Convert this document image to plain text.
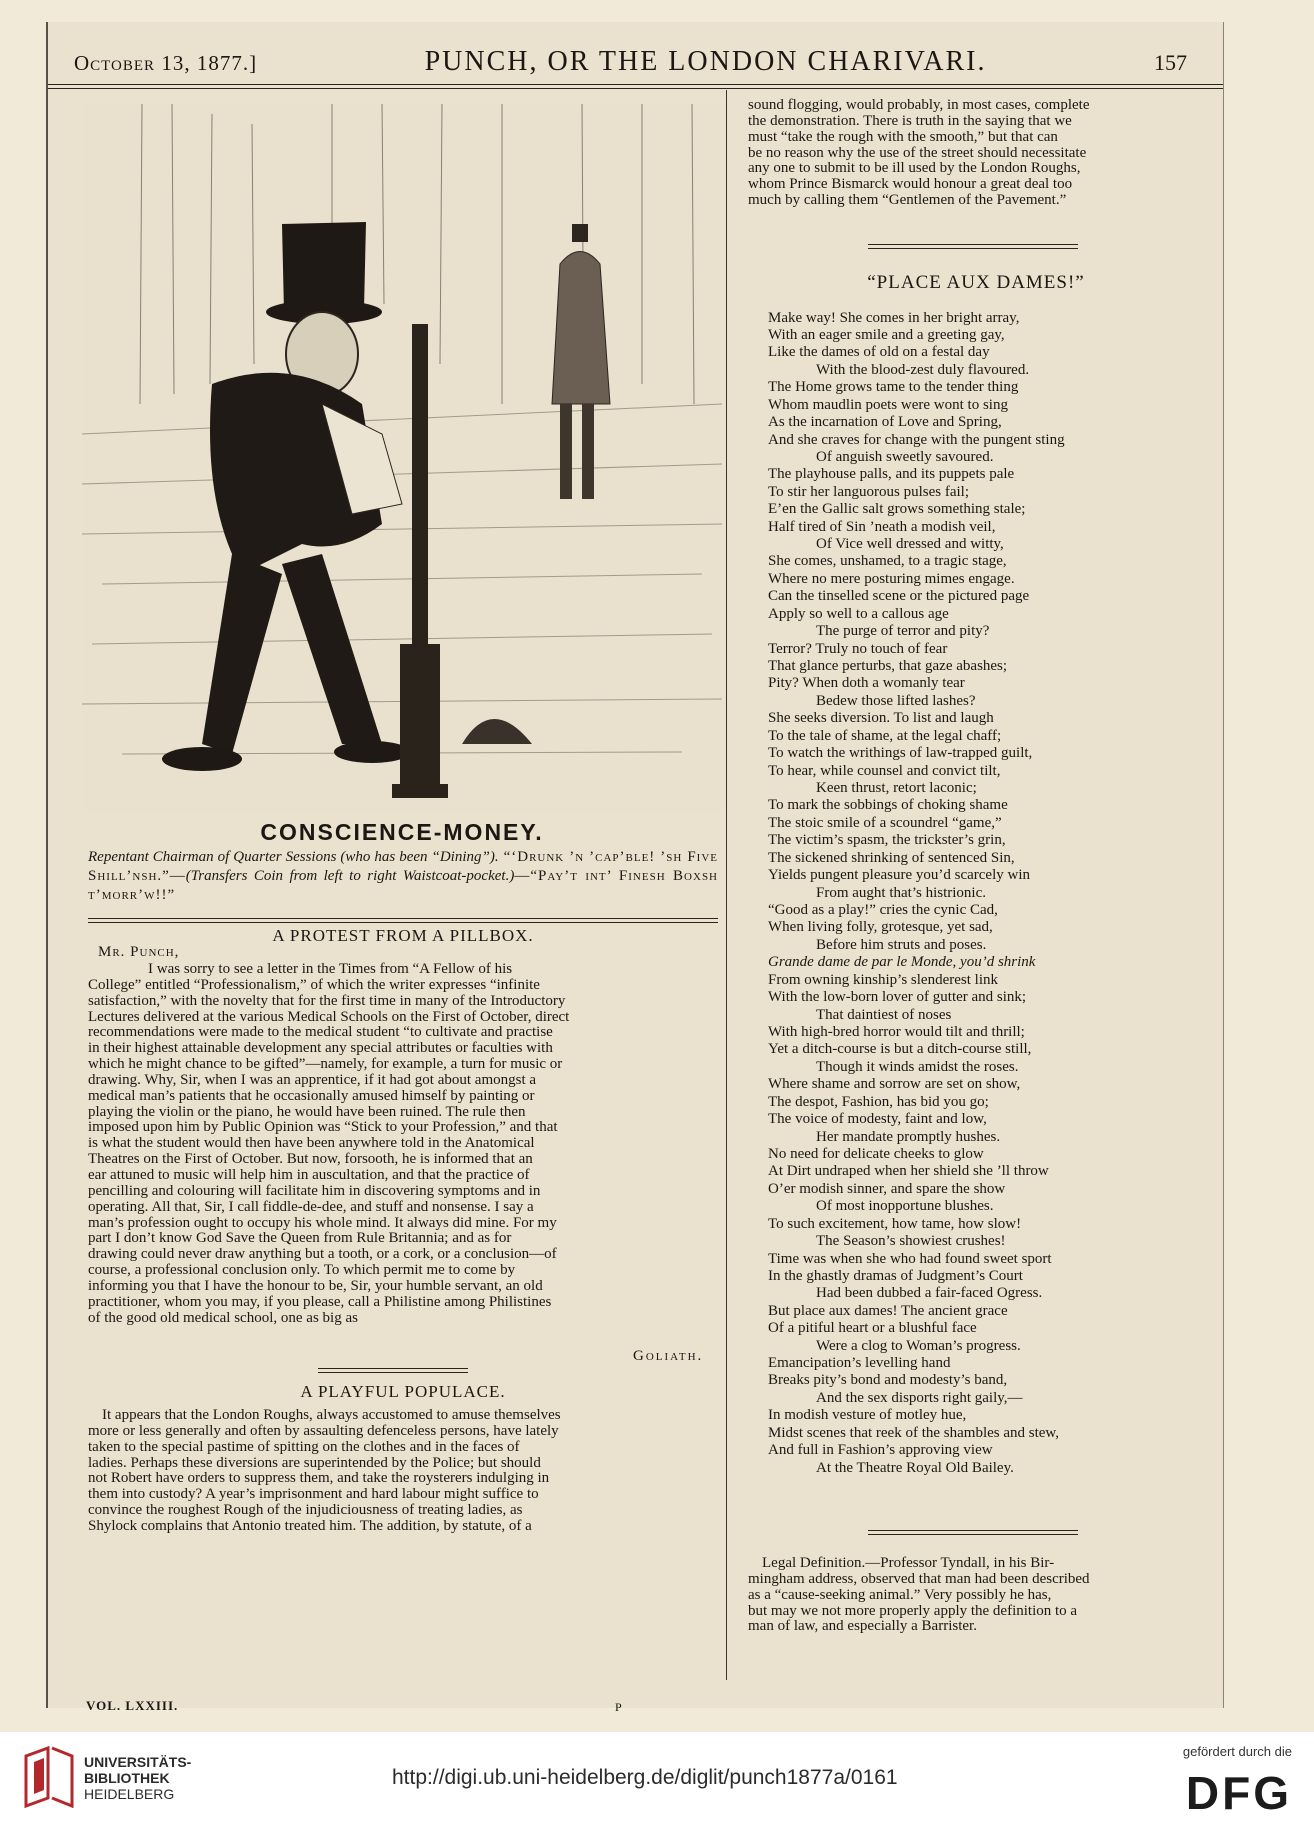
October 13, 1877.]	PUNCH, OR THE LONDON CHARIVARI.	157
CONSCIENCE-MONEY.
Repentant Chairman of Quarter Sessions (who has been “Dining”). “‘Drunk ’n ’cap’ble! ’sh Five Shill’nsh.”—(Transfers Coin from left to right Waistcoat-pocket.)—“Pay’t int’ Finesh Boxsh t’morr’w!!”
A PROTEST FROM A PILLBOX.
Mr. Punch,
I was sorry to see a letter in the Times from “A Fellow of his
College” entitled “Professionalism,” of which the writer expresses “infinite
satisfaction,” with the novelty that for the first time in many of the Introductory
Lectures delivered at the various Medical Schools on the First of October, direct
recommendations were made to the medical student “to cultivate and practise
in their highest attainable development any special attributes or faculties with
which he might chance to be gifted”—namely, for example, a turn for music or
drawing. Why, Sir, when I was an apprentice, if it had got about amongst a
medical man’s patients that he occasionally amused himself by painting or
playing the violin or the piano, he would have been ruined. The rule then
imposed upon him by Public Opinion was “Stick to your Profession,” and that
is what the student would then have been anywhere told in the Anatomical
Theatres on the First of October. But now, forsooth, he is informed that an
ear attuned to music will help him in auscultation, and that the practice of
pencilling and colouring will facilitate him in discovering symptoms and in
operating. All that, Sir, I call fiddle-de-dee, and stuff and nonsense. I say a
man’s profession ought to occupy his whole mind. It always did mine. For my
part I don’t know God Save the Queen from Rule Britannia; and as for
drawing could never draw anything but a tooth, or a cork, or a conclusion—of
course, a professional conclusion only. To which permit me to come by
informing you that I have the honour to be, Sir, your humble servant, an old
practitioner, whom you may, if you please, call a Philistine among Philistines
of the good old medical school, one as big as
Goliath.
A PLAYFUL POPULACE.
It appears that the London Roughs, always accustomed to amuse themselves
more or less generally and often by assaulting defenceless persons, have lately
taken to the special pastime of spitting on the clothes and in the faces of
ladies. Perhaps these diversions are superintended by the Police; but should
not Robert have orders to suppress them, and take the roysterers indulging in
them into custody? A year’s imprisonment and hard labour might suffice to
convince the roughest Rough of the injudiciousness of treating ladies, as
Shylock complains that Antonio treated him. The addition, by statute, of a
sound flogging, would probably, in most cases, complete
the demonstration. There is truth in the saying that we
must “take the rough with the smooth,” but that can
be no reason why the use of the street should necessitate
any one to submit to be ill used by the London Roughs,
whom Prince Bismarck would honour a great deal too
much by calling them “Gentlemen of the Pavement.”
“PLACE AUX DAMES!”
Make way! She comes in her bright array,
With an eager smile and a greeting gay,
Like the dames of old on a festal day
With the blood-zest duly flavoured.
The Home grows tame to the tender thing
Whom maudlin poets were wont to sing
As the incarnation of Love and Spring,
And she craves for change with the pungent sting
Of anguish sweetly savoured.
The playhouse palls, and its puppets pale
To stir her languorous pulses fail;
E’en the Gallic salt grows something stale;
Half tired of Sin ’neath a modish veil,
Of Vice well dressed and witty,
She comes, unshamed, to a tragic stage,
Where no mere posturing mimes engage.
Can the tinselled scene or the pictured page
Apply so well to a callous age
The purge of terror and pity?
Terror? Truly no touch of fear
That glance perturbs, that gaze abashes;
Pity? When doth a womanly tear
Bedew those lifted lashes?
She seeks diversion. To list and laugh
To the tale of shame, at the legal chaff;
To watch the writhings of law-trapped guilt,
To hear, while counsel and convict tilt,
Keen thrust, retort laconic;
To mark the sobbings of choking shame
The stoic smile of a scoundrel “game,”
The victim’s spasm, the trickster’s grin,
The sickened shrinking of sentenced Sin,
Yields pungent pleasure you’d scarcely win
From aught that’s histrionic.
“Good as a play!” cries the cynic Cad,
When living folly, grotesque, yet sad,
Before him struts and poses.
Grande dame de par le Monde, you’d shrink
From owning kinship’s slenderest link
With the low-born lover of gutter and sink;
That daintiest of noses
With high-bred horror would tilt and thrill;
Yet a ditch-course is but a ditch-course still,
Though it winds amidst the roses.
Where shame and sorrow are set on show,
The despot, Fashion, has bid you go;
The voice of modesty, faint and low,
Her mandate promptly hushes.
No need for delicate cheeks to glow
At Dirt undraped when her shield she ’ll throw
O’er modish sinner, and spare the show
Of most inopportune blushes.
To such excitement, how tame, how slow!
The Season’s showiest crushes!
Time was when she who had found sweet sport
In the ghastly dramas of Judgment’s Court
Had been dubbed a fair-faced Ogress.
But place aux dames! The ancient grace
Of a pitiful heart or a blushful face
Were a clog to Woman’s progress.
Emancipation’s levelling hand
Breaks pity’s bond and modesty’s band,
And the sex disports right gaily,—
In modish vesture of motley hue,
Midst scenes that reek of the shambles and stew,
And full in Fashion’s approving view
At the Theatre Royal Old Bailey.
Legal Definition.—Professor Tyndall, in his Bir-
mingham address, observed that man had been described
as a “cause-seeking animal.” Very possibly he has,
but may we not more properly apply the definition to a
man of law, and especially a Barrister.
VOL. LXXIII.	P
UNIVERSITÄTS-
BIBLIOTHEK
HEIDELBERG
http://digi.ub.uni-heidelberg.de/diglit/punch1877a/0161
gefördert durch die
DFG
